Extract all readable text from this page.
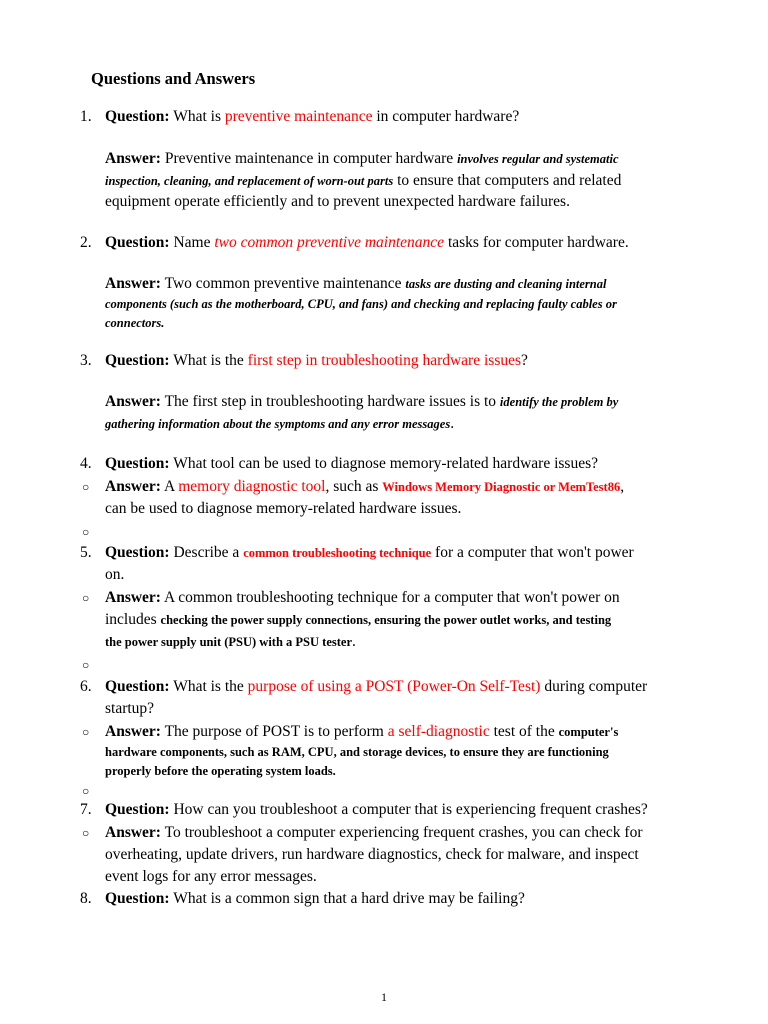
Questions and Answers
1. Question: What is preventive maintenance in computer hardware?
Answer: Preventive maintenance in computer hardware involves regular and systematic
inspection, cleaning, and replacement of worn-out parts to ensure that computers and related
equipment operate efficiently and to prevent unexpected hardware failures.
2. Question: Name two common preventive maintenance tasks for computer hardware.
Answer: Two common preventive maintenance tasks are dusting and cleaning internal
components (such as the motherboard, CPU, and fans) and checking and replacing faulty cables or
connectors.
3. Question: What is the first step in troubleshooting hardware issues?
Answer: The first step in troubleshooting hardware issues is to identify the problem by
gathering information about the symptoms and any error messages.
4. Question: What tool can be used to diagnose memory-related hardware issues?
○ Answer: A memory diagnostic tool, such as Windows Memory Diagnostic or MemTest86,
can be used to diagnose memory-related hardware issues.
○
5. Question: Describe a common troubleshooting technique for a computer that won't power
on.
○ Answer: A common troubleshooting technique for a computer that won't power on
includes checking the power supply connections, ensuring the power outlet works, and testing
the power supply unit (PSU) with a PSU tester.
○
6. Question: What is the purpose of using a POST (Power-On Self-Test) during computer
startup?
○ Answer: The purpose of POST is to perform a self-diagnostic test of the computer's
hardware components, such as RAM, CPU, and storage devices, to ensure they are functioning
properly before the operating system loads.
○
7. Question: How can you troubleshoot a computer that is experiencing frequent crashes?
○ Answer: To troubleshoot a computer experiencing frequent crashes, you can check for
overheating, update drivers, run hardware diagnostics, check for malware, and inspect
event logs for any error messages.
8. Question: What is a common sign that a hard drive may be failing?
1
